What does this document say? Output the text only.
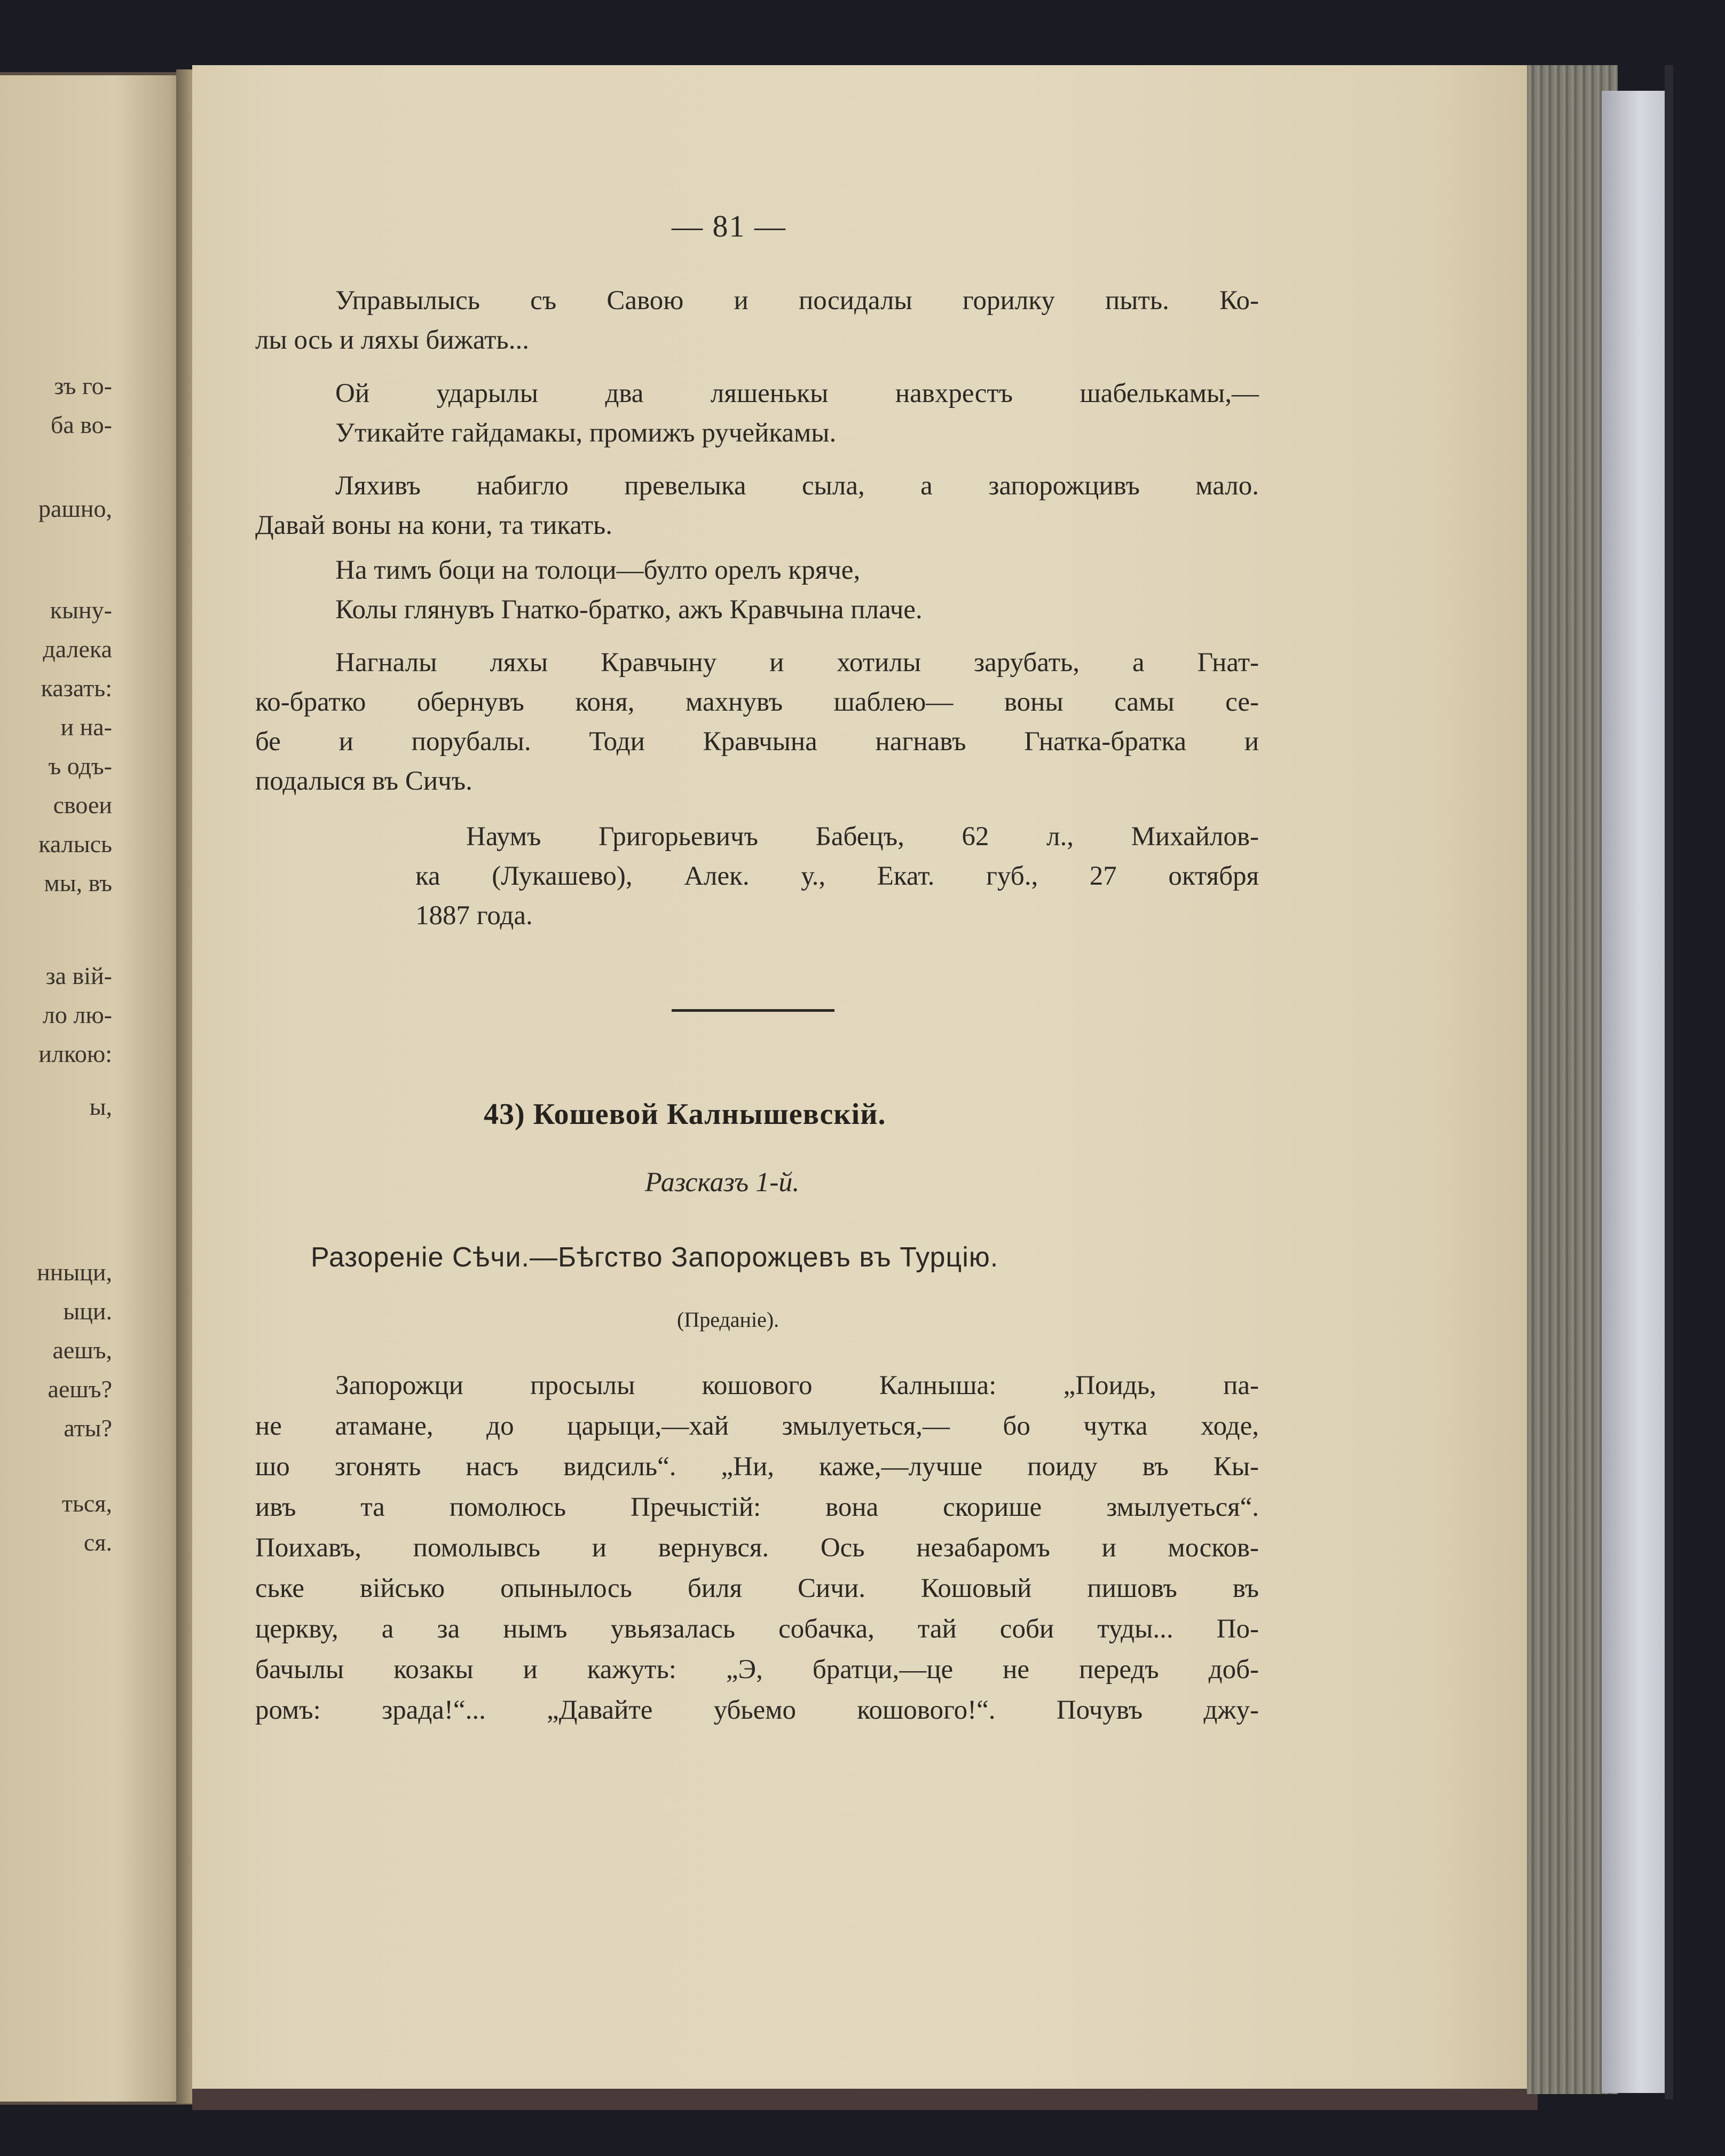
зъ го-
ба во-
рашно,
кыну-
далека
казать:
и на-
ъ одъ-
своеи
калысь
мы, въ
за вій-
ло лю-
илкою:
ы,
нныци,
ыци.
аешъ,
аешъ?
аты?
ться,
ся.
— 81 —
Управылысь съ Савою и посидалы горилку пыть. Ко-
лы ось и ляхы бижать...
Ой ударылы два ляшенькы навхрестъ шабелькамы,—
Утикайте гайдамакы, промижъ ручейкамы.
Ляхивъ набигло превелыка сыла, а запорожцивъ мало.
Давай воны на кони, та тикать.
На тимъ боци на толоци—булто орелъ кряче,
Колы глянувъ Гнатко-братко, ажъ Кравчына плаче.
Нагналы ляхы Кравчыну и хотилы зарубать, а Гнат-
ко-братко обернувъ коня, махнувъ шаблею— воны самы се-
бе и порубалы. Тоди Кравчына нагнавъ Гнатка-братка и
подалыся въ Сичъ.
Наумъ Григорьевичъ Бабецъ, 62 л., Михайлов-
ка (Лукашево), Алек. у., Екат. губ., 27 октября
1887 года.
43) Кошевой Калнышевскій.
Разсказъ 1-й.
Разореніе Сѣчи.—Бѣгство Запорожцевъ въ Турцію.
(Преданіе).
Запорожци просылы кошового Калныша: „Поидь, па-
не атамане, до царыци,—хай змылуеться,— бо чутка ходе,
шо згонять насъ видсиль“. „Ни, каже,—лучше поиду въ Кы-
ивъ та помолюсь Пречыстій: вона скорише змылуеться“.
Поихавъ, помолывсь и вернувся. Ось незабаромъ и москов-
ське військо опынылось биля Сичи. Кошовый пишовъ въ
церкву, а за нымъ увьязалась собачка, тай соби туды... По-
бачылы козакы и кажуть: „Э, братци,—це не передъ доб-
ромъ: зрада!“... „Давайте убьемо кошового!“. Почувъ джу-
